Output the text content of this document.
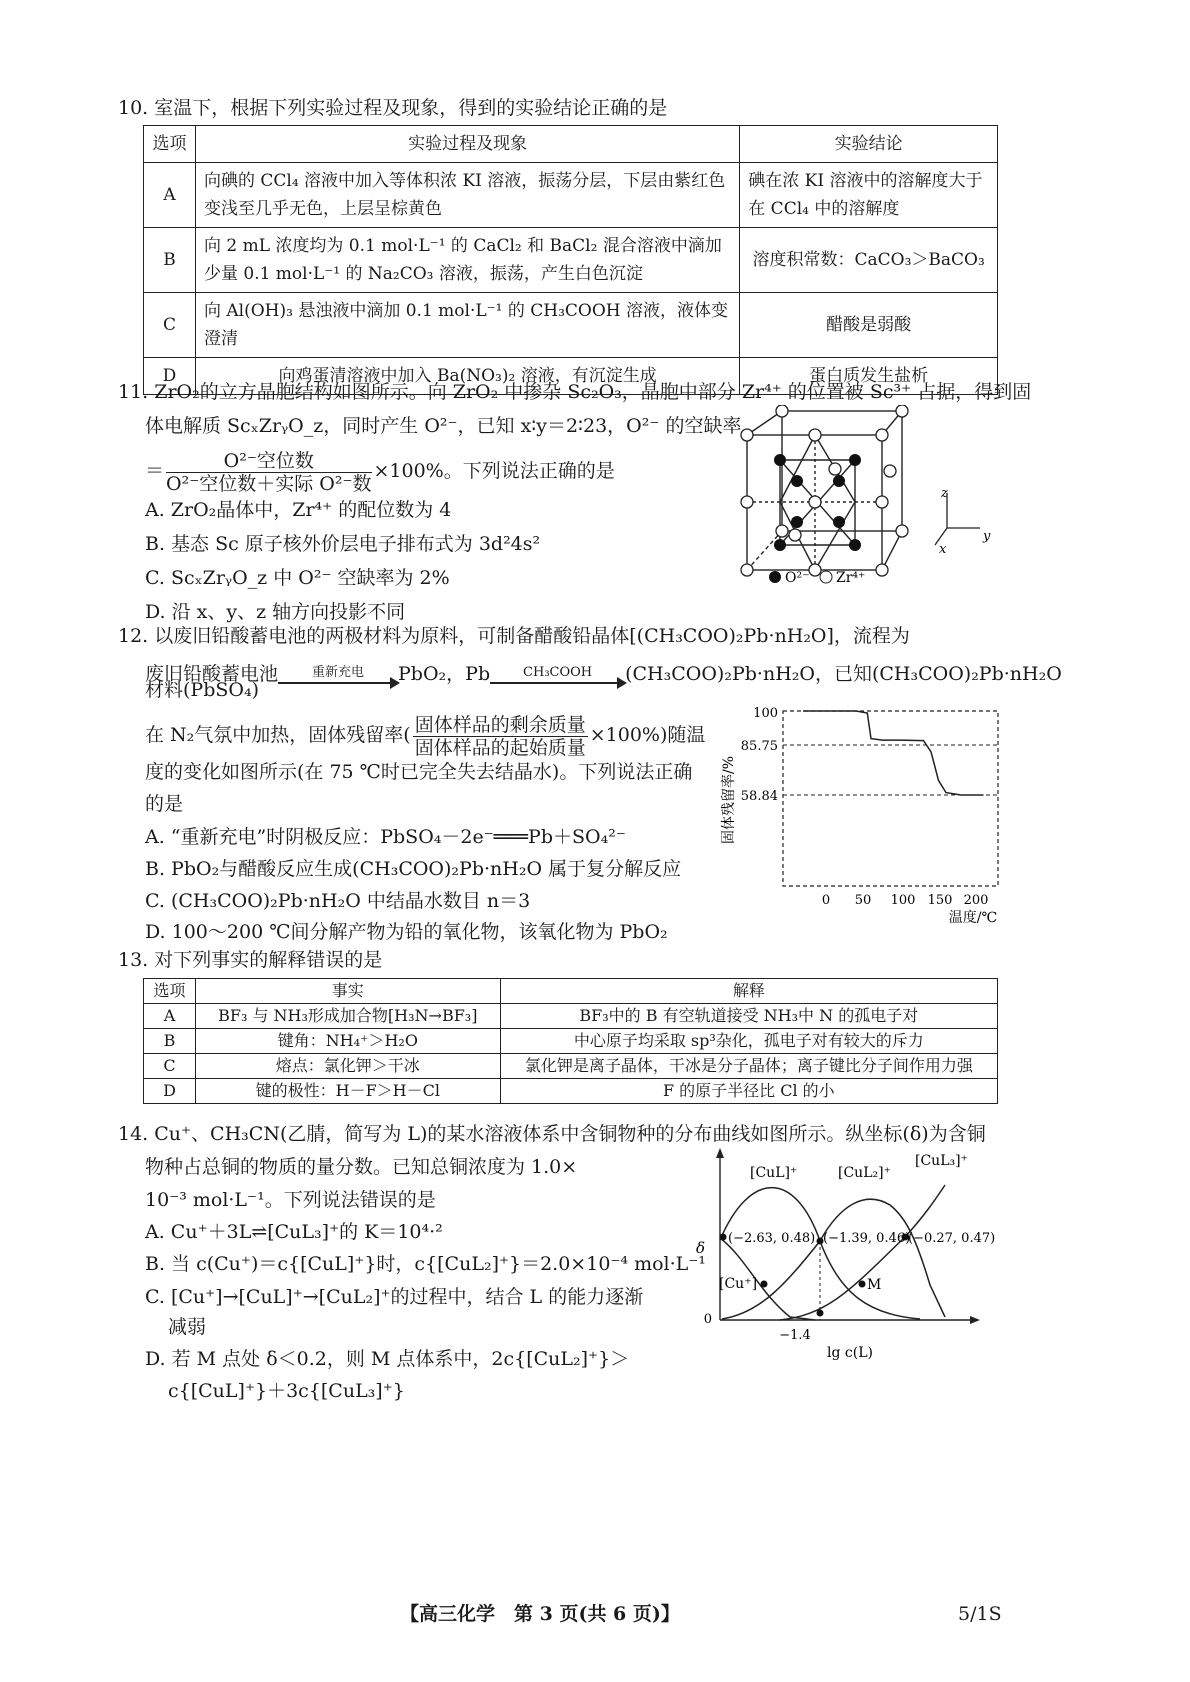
10. 室温下，根据下列实验过程及现象，得到的实验结论正确的是
选项	实验过程及现象	实验结论
A	向碘的 CCl₄ 溶液中加入等体积浓 KI 溶液，振荡分层，下层由紫红色变浅至几乎无色，上层呈棕黄色	碘在浓 KI 溶液中的溶解度大于在 CCl₄ 中的溶解度
B	向 2 mL 浓度均为 0.1 mol·L⁻¹ 的 CaCl₂ 和 BaCl₂ 混合溶液中滴加少量 0.1 mol·L⁻¹ 的 Na₂CO₃ 溶液，振荡，产生白色沉淀	溶度积常数：CaCO₃＞BaCO₃
C	向 Al(OH)₃ 悬浊液中滴加 0.1 mol·L⁻¹ 的 CH₃COOH 溶液，液体变澄清	醋酸是弱酸
D	向鸡蛋清溶液中加入 Ba(NO₃)₂ 溶液，有沉淀生成	蛋白质发生盐析
11. ZrO₂的立方晶胞结构如图所示。向 ZrO₂ 中掺杂 Sc₂O₃，晶胞中部分 Zr⁴⁺ 的位置被 Sc³⁺ 占据，得到固
体电解质 ScₓZrᵧO_z，同时产生 O²⁻，已知 x∶y＝2∶23，O²⁻ 的空缺率
＝ $\frac{\text{O²⁻空位数}}{\text{O²⁻空位数＋实际 O²⁻数}} \times 100\%$。下列说法正确的是
A. ZrO₂晶体中，Zr⁴⁺ 的配位数为 4
B. 基态 Sc 原子核外价层电子排布式为 3d²4s²
C. ScₓZrᵧO_z 中 O²⁻ 空缺率为 2%
D. 沿 x、y、z 轴方向投影不同
z
y
x
O²⁻ Zr⁴⁺
12. 以废旧铅酸蓄电池的两极材料为原料，可制备醋酸铅晶体[(CH₃COO)₂Pb·nH₂O]，流程为
废旧铅酸蓄电池	重新充电	PbO₂，Pb	CH₃COOH	(CH₃COO)₂Pb·nH₂O，已知(CH₃COO)₂Pb·nH₂O
材料(PbSO₄)
在 N₂气氛中加热，固体残留率( $\frac{\text{固体样品的剩余质量}}{\text{固体样品的起始质量}} \times 100\%$)随温
度的变化如图所示(在 75 ℃时已完全失去结晶水)。下列说法正确
的是
A. “重新充电”时阴极反应：PbSO₄－2e⁻═══Pb＋SO₄²⁻
B. PbO₂与醋酸反应生成(CH₃COO)₂Pb·nH₂O 属于复分解反应
C. (CH₃COO)₂Pb·nH₂O 中结晶水数目 n＝3
D. 100～200 ℃间分解产物为铅的氧化物，该氧化物为 PbO₂
100
85.75
58.84
固体残留率/%
0 50 100 150 200
温度/℃
13. 对下列事实的解释错误的是
选项	事实	解释
A	BF₃ 与 NH₃形成加合物[H₃N→BF₃]	BF₃中的 B 有空轨道接受 NH₃中 N 的孤电子对
B	键角：NH₄⁺＞H₂O	中心原子均采取 sp³杂化，孤电子对有较大的斥力
C	熔点：氯化钾＞干冰	氯化钾是离子晶体，干冰是分子晶体；离子键比分子间作用力强
D	键的极性：H－F＞H－Cl	F 的原子半径比 Cl 的小
14. Cu⁺、CH₃CN(乙腈，简写为 L)的某水溶液体系中含铜物种的分布曲线如图所示。纵坐标(δ)为含铜
物种占总铜的物质的量分数。已知总铜浓度为 1.0×
10⁻³ mol·L⁻¹。下列说法错误的是
A. Cu⁺＋3L⇌[CuL₃]⁺的 K＝10⁴·²
B. 当 c(Cu⁺)＝c{[CuL]⁺}时，c{[CuL₂]⁺}＝2.0×10⁻⁴ mol·L⁻¹
C. [Cu⁺]→[CuL]⁺→[CuL₂]⁺的过程中，结合 L 的能力逐渐
减弱
D. 若 M 点处 δ＜0.2，则 M 点体系中，2c{[CuL₂]⁺}＞
c{[CuL]⁺}＋3c{[CuL₃]⁺}
δ
0
−1.4
lg c(L)
[CuL]⁺	[CuL₂]⁺
[CuL₃]⁺
[Cu⁺]
(−2.63, 0.48) (−1.39, 0.46)
(−0.27, 0.47)
M
【高三化学　第 3 页(共 6 页)】	5/1S
